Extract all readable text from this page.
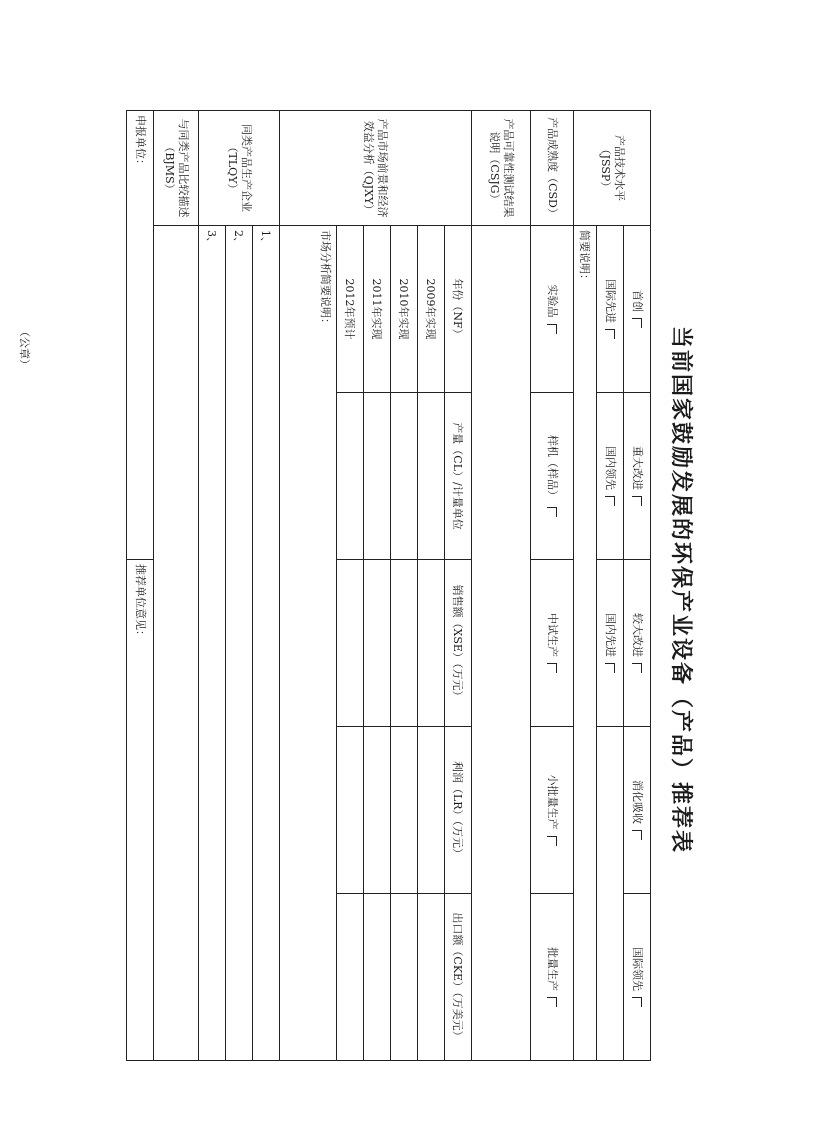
当前国家鼓励发展的环保产业设备（产品）推荐表
产品技术水平（JSSP）	首创	重大改进	较大改进	消化吸收	国际领先
	国际先进	国内领先	国内先进		
	简要说明：				
产品成熟度（CSD）	实验品	样机（样品）	中试生产	小批量生产	批量生产
产品可靠性测试结果说明（CSJG）					
产品市场前景和经济效益分析（QJXY）	年份（NF）	产量（CL）/计量单位	销售额（XSE）（万元）	利润（LR）（万元）	出口额（CKE）（万美元）
	2009年实现				
	2010年实现				
	2011年实现				
	2012年预计				
	市场分析简要说明：				
同类产品生产企业（TLQY）	1、				
	2、				
	3、				
与同类产品比较描述（BJMS）					

申报单位：
（公章）			推荐单位意见：		
